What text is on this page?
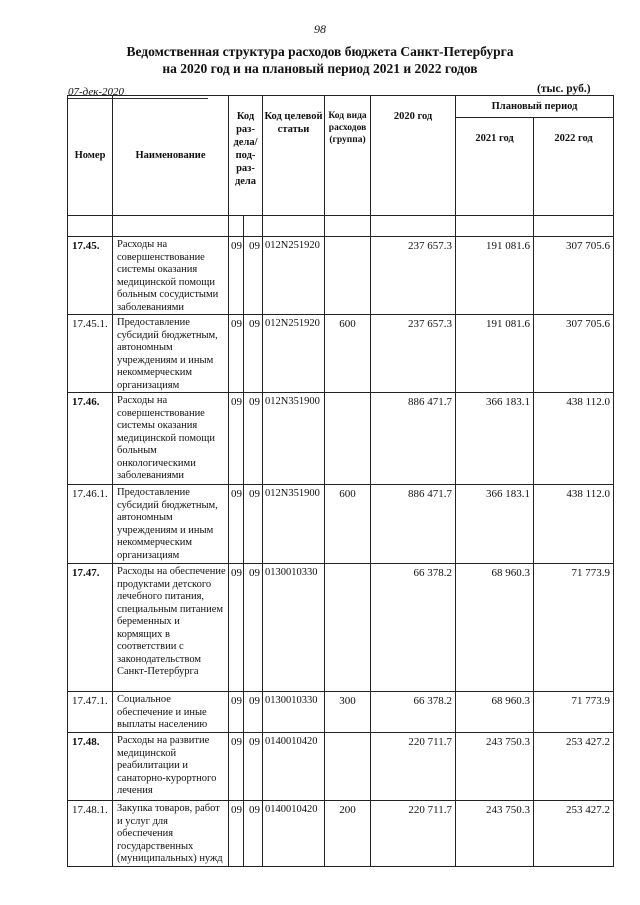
98
Ведомственная структура расходов бюджета Санкт-Петербурга
на 2020 год и на плановый период 2021 и 2022 годов
07-дек-2020	(тыс. руб.)
Номер	Наименование	Код раз- дела/ под- раз- дела		Код целевой статьи	Код вида расходов (группа)	2020 год	Плановый период	
							2021 год	2022 год

17.45.	Расходы на совершенствование системы оказания медицинской помощи больным сосудистыми заболеваниями	09	09	012N251920		237 657.3	191 081.6	307 705.6
17.45.1.	Предоставление субсидий бюджетным, автономным учреждениям и иным некоммерческим организациям	09	09	012N251920	600	237 657.3	191 081.6	307 705.6
17.46.	Расходы на совершенствование системы оказания медицинской помощи больным онкологическими заболеваниями	09	09	012N351900		886 471.7	366 183.1	438 112.0
17.46.1.	Предоставление субсидий бюджетным, автономным учреждениям и иным некоммерческим организациям	09	09	012N351900	600	886 471.7	366 183.1	438 112.0
17.47.	Расходы на обеспечение продуктами детского лечебного питания, специальным питанием беременных и кормящих в соответствии с законодательством Санкт-Петербурга	09	09	0130010330		66 378.2	68 960.3	71 773.9
17.47.1.	Социальное обеспечение и иные выплаты населению	09	09	0130010330	300	66 378.2	68 960.3	71 773.9
17.48.	Расходы на развитие медицинской реабилитации и санаторно-курортного лечения	09	09	0140010420		220 711.7	243 750.3	253 427.2
17.48.1.	Закупка товаров, работ и услуг для обеспечения государственных (муниципальных) нужд	09	09	0140010420	200	220 711.7	243 750.3	253 427.2
